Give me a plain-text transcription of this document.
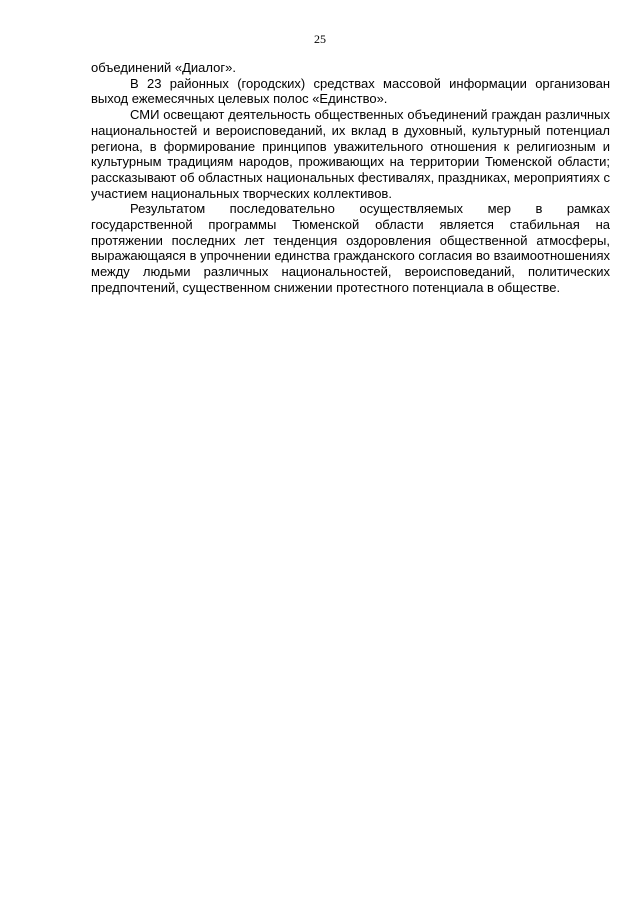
25

объединений «Диалог».

В 23 районных (городских) средствах массовой информации организован выход ежемесячных целевых полос «Единство».

СМИ освещают деятельность общественных объединений граждан различных национальностей и вероисповеданий, их вклад в духовный, культурный потенциал региона, в формирование принципов уважительного отношения к религиозным и культурным традициям народов, проживающих на территории Тюменской области; рассказывают об областных национальных фестивалях, праздниках, мероприятиях с участием национальных творческих коллективов.

Результатом последовательно осуществляемых мер в рамках государственной программы Тюменской области является стабильная на протяжении последних лет тенденция оздоровления общественной атмосферы, выражающаяся в упрочнении единства гражданского согласия во взаимоотношениях между людьми различных национальностей, вероисповеданий, политических предпочтений, существенном снижении протестного потенциала в обществе.
